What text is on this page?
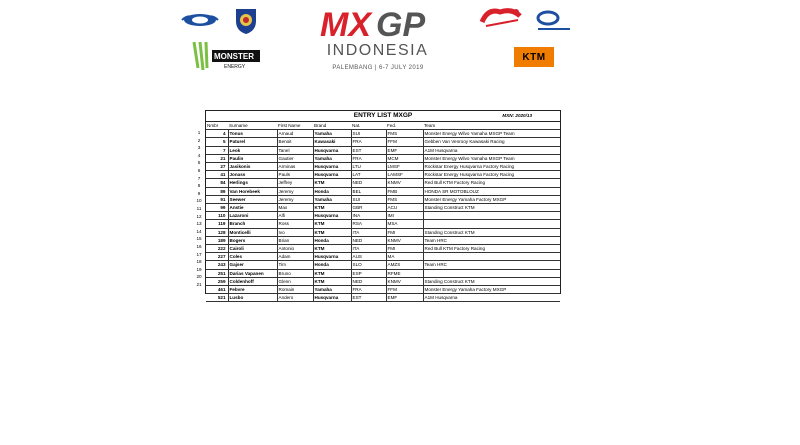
MONSTER
ENERGY
MX GP
INDONESIA
PALEMBANG | 6-7 JULY 2019
KTM
1
2
3
4
5
6
7
8
9
10
11
12
13
14
15
16
17
18
19
20
21
ENTRY LIST MXGP	MXN: 2020/13
Nmbr	Surname	First Name	Brand	Nat.	Fed.	Team
4	Tonus	Arnaud	Yamaha	SUI	FMS	Monster Energy Wilvo Yamaha MXGP Team
5	Paturel	Benoit	Kawasaki	FRA	FFM	Gebben Van Venrooy Kawasaki Racing
7	Leok	Tanel	Husqvarna	EST	EMF	A1M Husqvarna
21	Paulin	Gautier	Yamaha	FRA	MCM	Monster Energy Wilvo Yamaha MXGP Team
27	Jasikonis	Arminas	Husqvarna	LTU	LMSF	Rockstar Energy Husqvarna Factory Racing
41	Jonass	Pauls	Husqvarna	LAT	LAMSF	Rockstar Energy Husqvarna Factory Racing
84	Herlings	Jeffrey	KTM	NED	KNMV	Red Bull KTM Factory Racing
89	Van Horebeek	Jeremy	Honda	BEL	FMB	HONDA SR MOTOBLOUZ
91	Seewer	Jeremy	Yamaha	SUI	FMS	Monster Energy Yamaha Factory MXGP
99	Anstie	Max	KTM	GBR	ACU	Standing Construct KTM
110	Lazaroni	Alfi	Husqvarna	INA	IMI	
119	Branch	Ross	KTM	RSA	MSA	
128	Monticelli	Ivo	KTM	ITA	FMI	Standing Construct KTM
189	Bogers	Brian	Honda	NED	KNMV	Team HRC
222	Cairoli	Antonio	KTM	ITA	FMI	Red Bull KTM Factory Racing
227	Coles	Adam	Husqvarna	AUS	MA	
243	Gajser	Tim	Honda	SLO	AMZS	Team HRC
251	Darias Vapanen	Bruno	KTM	ESP	RFME	
259	Coldenhoff	Glenn	KTM	NED	KNMV	Standing Construct KTM
461	Febvre	Romain	Yamaha	FRA	FFM	Monster Energy Yamaha Factory MXGP
521	Lusbo	Andero	Husqvarna	EST	EMF	A1M Husqvarna
